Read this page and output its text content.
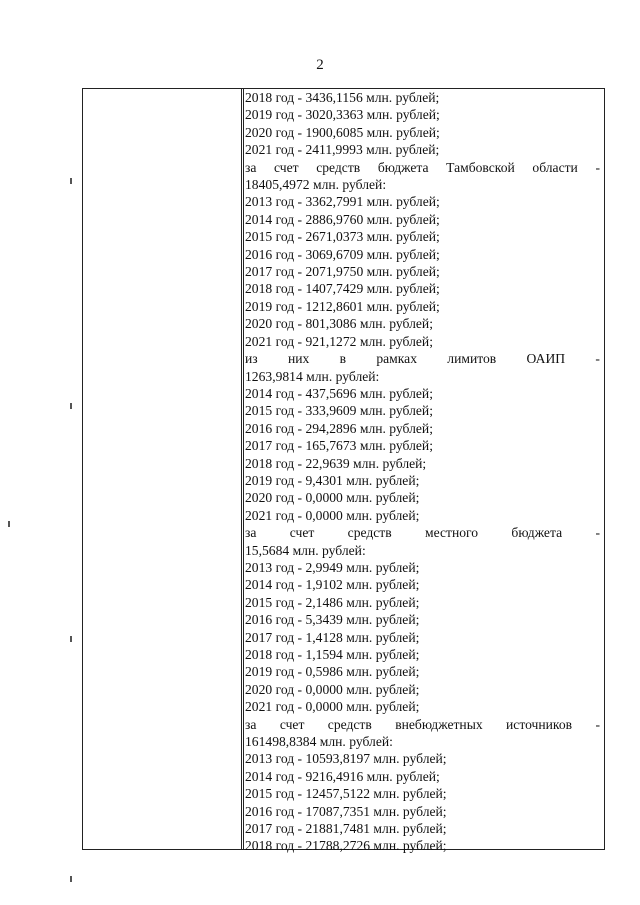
2
2018 год - 3436,1156 млн. рублей;
2019 год - 3020,3363 млн. рублей;
2020 год - 1900,6085 млн. рублей;
2021 год - 2411,9993 млн. рублей;
за счет средств бюджета Тамбовской области -
18405,4972 млн. рублей:
2013 год - 3362,7991 млн. рублей;
2014 год - 2886,9760 млн. рублей;
2015 год - 2671,0373 млн. рублей;
2016 год - 3069,6709 млн. рублей;
2017 год - 2071,9750 млн. рублей;
2018 год - 1407,7429 млн. рублей;
2019 год - 1212,8601 млн. рублей;
2020 год - 801,3086 млн. рублей;
2021 год - 921,1272 млн. рублей;
из них в рамках лимитов ОАИП -
1263,9814 млн. рублей:
2014 год - 437,5696 млн. рублей;
2015 год - 333,9609 млн. рублей;
2016 год - 294,2896 млн. рублей;
2017 год - 165,7673 млн. рублей;
2018 год - 22,9639 млн. рублей;
2019 год - 9,4301 млн. рублей;
2020 год - 0,0000 млн. рублей;
2021 год - 0,0000 млн. рублей;
за счет средств местного бюджета -
15,5684 млн. рублей:
2013 год - 2,9949 млн. рублей;
2014 год - 1,9102 млн. рублей;
2015 год - 2,1486 млн. рублей;
2016 год - 5,3439 млн. рублей;
2017 год - 1,4128 млн. рублей;
2018 год - 1,1594 млн. рублей;
2019 год - 0,5986 млн. рублей;
2020 год - 0,0000 млн. рублей;
2021 год - 0,0000 млн. рублей;
за счет средств внебюджетных источников -
161498,8384 млн. рублей:
2013 год - 10593,8197 млн. рублей;
2014 год - 9216,4916 млн. рублей;
2015 год - 12457,5122 млн. рублей;
2016 год - 17087,7351 млн. рублей;
2017 год - 21881,7481 млн. рублей;
2018 год - 21788,2726 млн. рублей;
